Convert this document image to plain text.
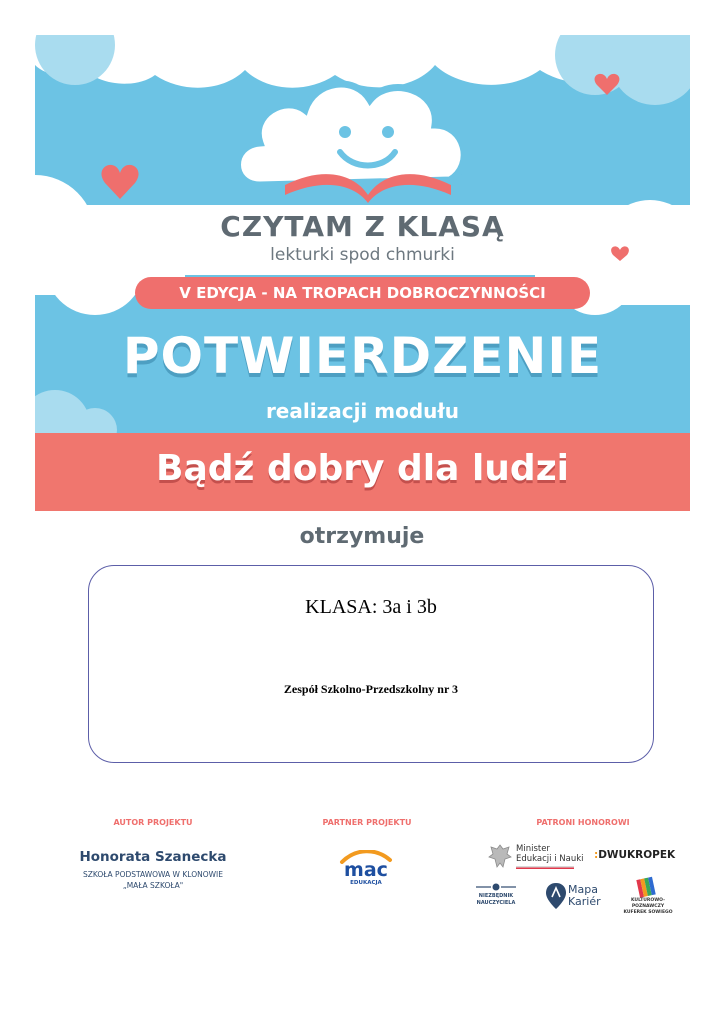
CZYTAM Z KLASĄ
lekturki spod chmurki
V EDYCJA - NA TROPACH DOBROCZYNNOŚCI
POTWIERDZENIE
realizacji modułu
Bądź dobry dla ludzi
otrzymuje
KLASA: 3a i 3b
Zespół Szkolno-Przedszkolny nr 3
AUTOR PROJEKTU
Honorata Szanecka
SZKOŁA PODSTAWOWA W KLONOWIE
„MAŁA SZKOŁA"
PARTNER PROJEKTU
mac
EDUKACJA
PATRONI HONOROWI
Minister
Edukacji i Nauki :DWUKROPEK
NIEZBĘDNIK
NAUCZYCIELA
Mapa
Kariér	KULTUROWO-POZNAWCZY
KUFEREK SOWIEGO
